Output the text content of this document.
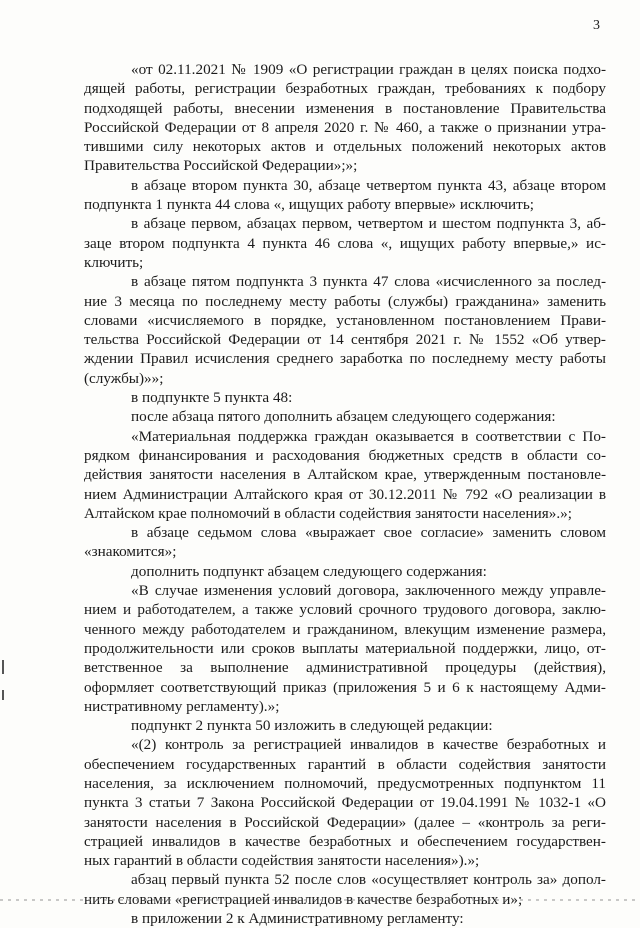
3
«от 02.11.2021 № 1909 «О регистрации граждан в целях поиска подхо-
дящей работы, регистрации безработных граждан, требованиях к подбору
подходящей работы, внесении изменения в постановление Правительства
Российской Федерации от 8 апреля 2020 г. № 460, а также о признании утра-
тившими силу некоторых актов и отдельных положений некоторых актов
Правительства Российской Федерации»;»;
в абзаце втором пункта 30, абзаце четвертом пункта 43, абзаце втором
подпункта 1 пункта 44 слова «, ищущих работу впервые» исключить;
в абзаце первом, абзацах первом, четвертом и шестом подпункта 3, аб-
заце втором подпункта 4 пункта 46 слова «, ищущих работу впервые,» ис-
ключить;
в абзаце пятом подпункта 3 пункта 47 слова «исчисленного за послед-
ние 3 месяца по последнему месту работы (службы) гражданина» заменить
словами «исчисляемого в порядке, установленном постановлением Прави-
тельства Российской Федерации от 14 сентября 2021 г. № 1552 «Об утвер-
ждении Правил исчисления среднего заработка по последнему месту работы
(службы)»»;
в подпункте 5 пункта 48:
после абзаца пятого дополнить абзацем следующего содержания:
«Материальная поддержка граждан оказывается в соответствии с По-
рядком финансирования и расходования бюджетных средств в области со-
действия занятости населения в Алтайском крае, утвержденным постановле-
нием Администрации Алтайского края от 30.12.2011 № 792 «О реализации в
Алтайском крае полномочий в области содействия занятости населения».»;
в абзаце седьмом слова «выражает свое согласие» заменить словом
«знакомится»;
дополнить подпункт абзацем следующего содержания:
«В случае изменения условий договора, заключенного между управле-
нием и работодателем, а также условий срочного трудового договора, заклю-
ченного между работодателем и гражданином, влекущим изменение размера,
продолжительности или сроков выплаты материальной поддержки, лицо, от-
ветственное за выполнение административной процедуры (действия),
оформляет соответствующий приказ (приложения 5 и 6 к настоящему Адми-
нистративному регламенту).»;
подпункт 2 пункта 50 изложить в следующей редакции:
«(2) контроль за регистрацией инвалидов в качестве безработных и
обеспечением государственных гарантий в области содействия занятости
населения, за исключением полномочий, предусмотренных подпунктом 11
пункта 3 статьи 7 Закона Российской Федерации от 19.04.1991 № 1032-1 «О
занятости населения в Российской Федерации» (далее – «контроль за реги-
страцией инвалидов в качестве безработных и обеспечением государствен-
ных гарантий в области содействия занятости населения»).»;
абзац первый пункта 52 после слов «осуществляет контроль за» допол-
нить словами «регистрацией инвалидов в качестве безработных и»;
в приложении 2 к Административному регламенту:
